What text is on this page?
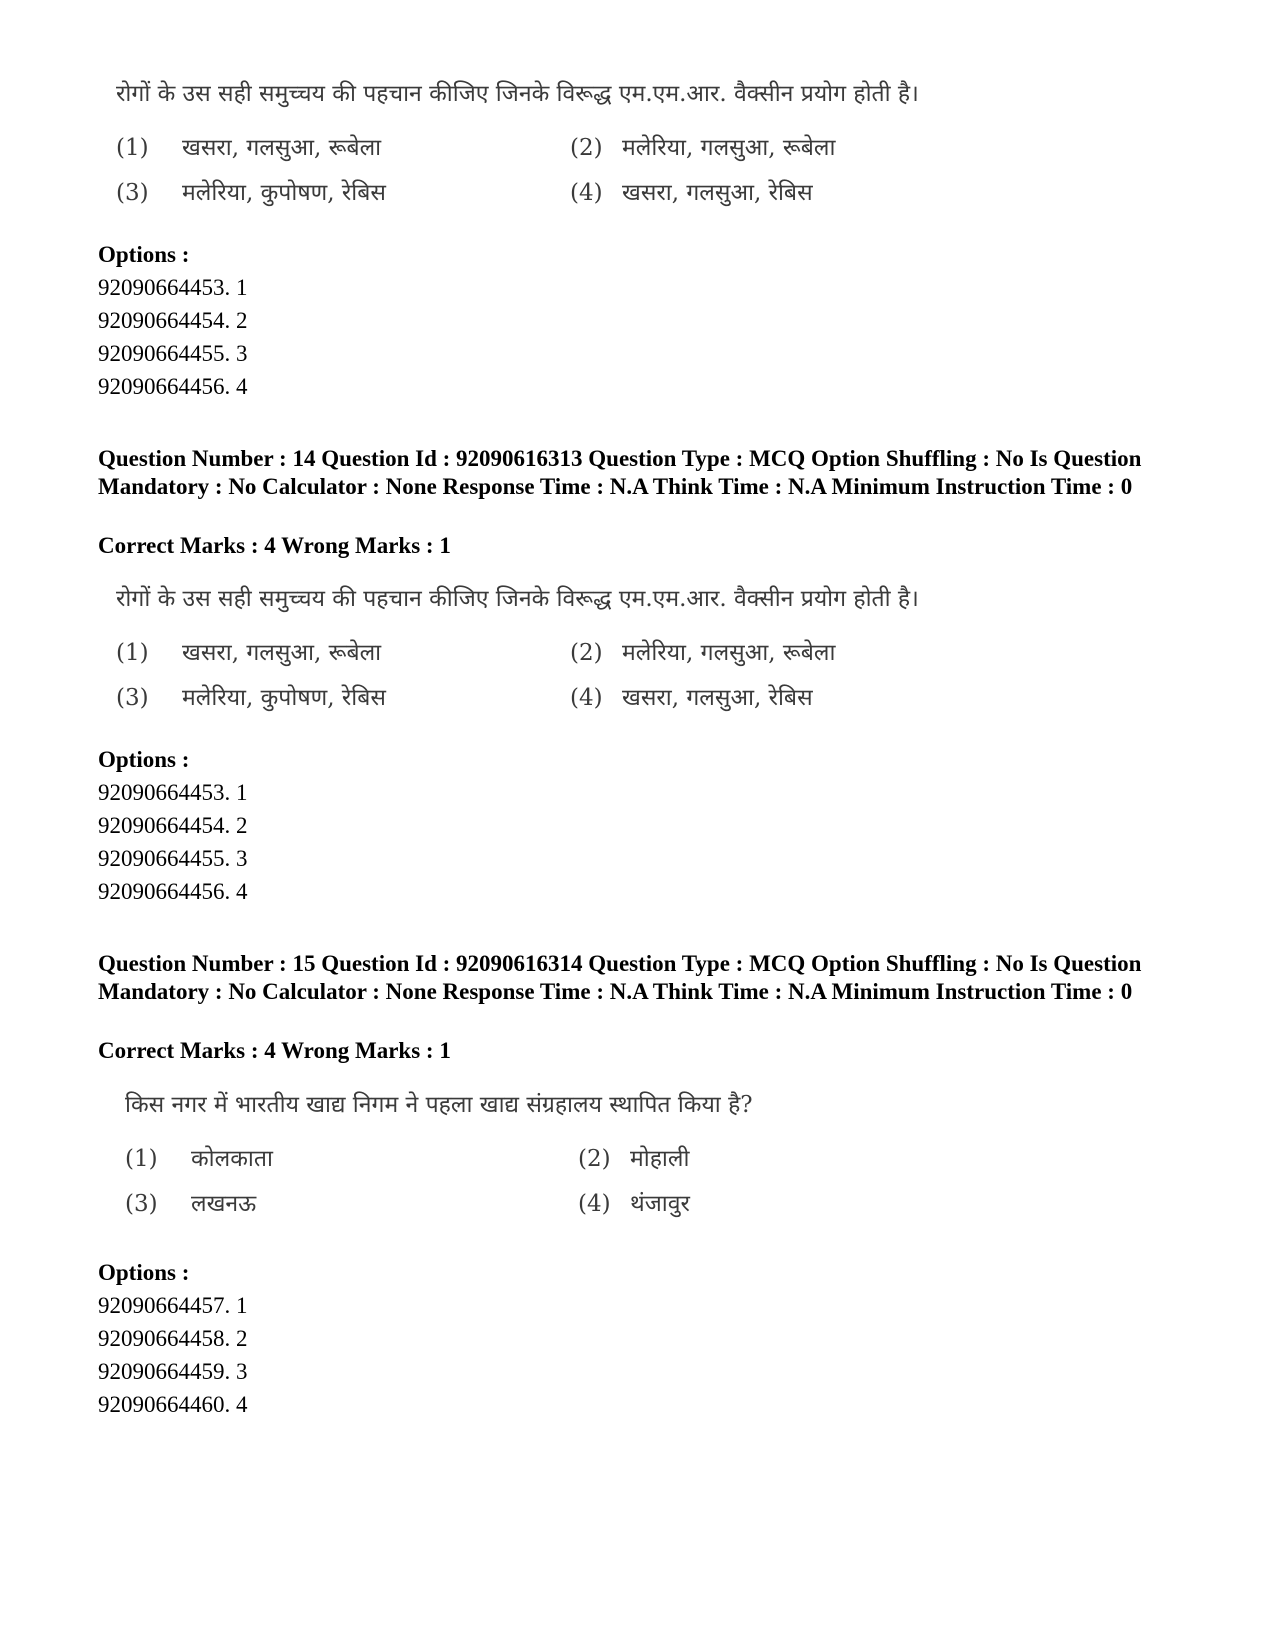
रोगों के उस सही समुच्चय की पहचान कीजिए जिनके विरूद्ध एम.एम.आर. वैक्सीन प्रयोग होती है।
(1) खसरा, गलसुआ, रूबेला	(2) मलेरिया, गलसुआ, रूबेला
(3) मलेरिया, कुपोषण, रेबिस	(4) खसरा, गलसुआ, रेबिस
Options :
92090664453. 1
92090664454. 2
92090664455. 3
92090664456. 4
Question Number : 14 Question Id : 92090616313 Question Type : MCQ Option Shuffling : No Is Question Mandatory : No Calculator : None Response Time : N.A Think Time : N.A Minimum Instruction Time : 0
Correct Marks : 4 Wrong Marks : 1
रोगों के उस सही समुच्चय की पहचान कीजिए जिनके विरूद्ध एम.एम.आर. वैक्सीन प्रयोग होती है।
(1) खसरा, गलसुआ, रूबेला	(2) मलेरिया, गलसुआ, रूबेला
(3) मलेरिया, कुपोषण, रेबिस	(4) खसरा, गलसुआ, रेबिस
Options :
92090664453. 1
92090664454. 2
92090664455. 3
92090664456. 4
Question Number : 15 Question Id : 92090616314 Question Type : MCQ Option Shuffling : No Is Question Mandatory : No Calculator : None Response Time : N.A Think Time : N.A Minimum Instruction Time : 0
Correct Marks : 4 Wrong Marks : 1
किस नगर में भारतीय खाद्य निगम ने पहला खाद्य संग्रहालय स्थापित किया है?
(1) कोलकाता	(2) मोहाली
(3) लखनऊ	(4) थंजावुर
Options :
92090664457. 1
92090664458. 2
92090664459. 3
92090664460. 4
